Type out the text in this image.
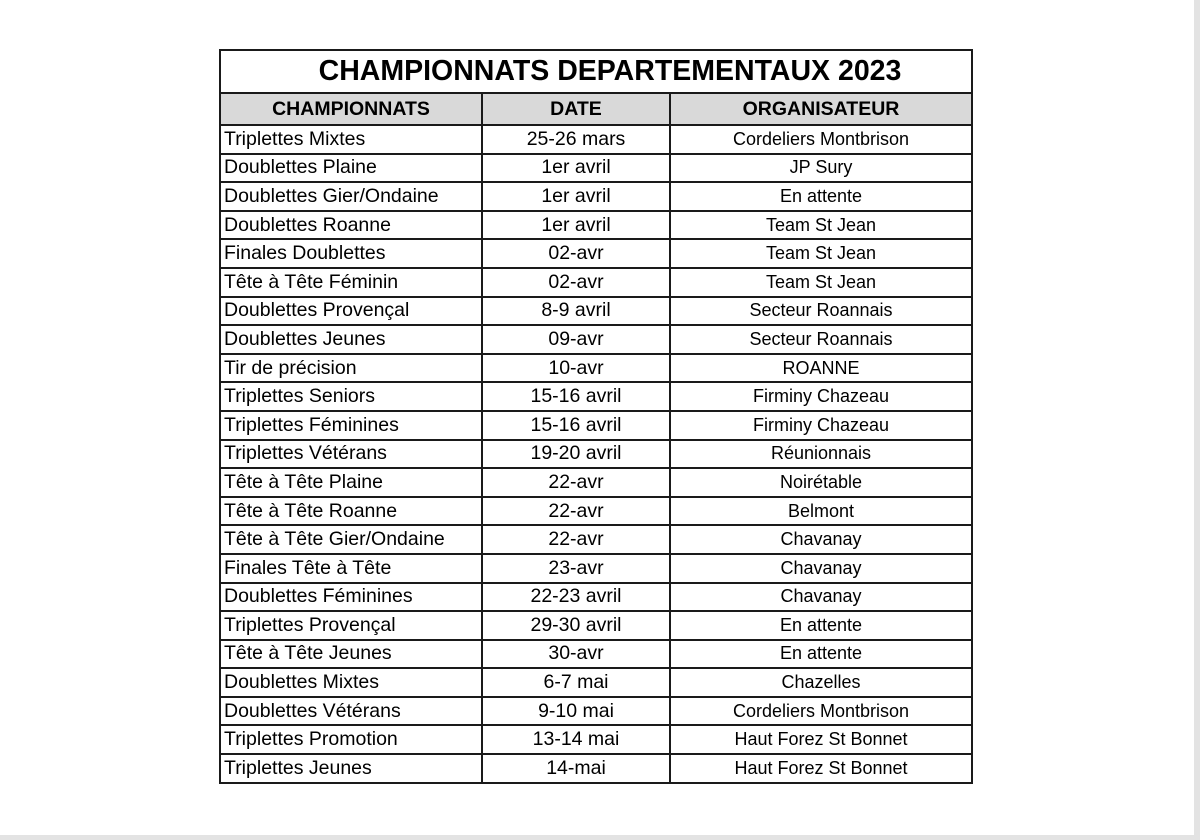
CHAMPIONNATS DEPARTEMENTAUX 2023		
CHAMPIONNATS	DATE	ORGANISATEUR
Triplettes Mixtes	25-26 mars	Cordeliers Montbrison
Doublettes Plaine	1er avril	JP Sury
Doublettes Gier/Ondaine	1er avril	En attente
Doublettes Roanne	1er avril	Team St Jean
Finales Doublettes	02-avr	Team St Jean
Tête à Tête Féminin	02-avr	Team St Jean
Doublettes Provençal	8-9 avril	Secteur Roannais
Doublettes Jeunes	09-avr	Secteur Roannais
Tir de précision	10-avr	ROANNE
Triplettes Seniors	15-16 avril	Firminy Chazeau
Triplettes Féminines	15-16 avril	Firminy Chazeau
Triplettes Vétérans	19-20 avril	Réunionnais
Tête à Tête Plaine	22-avr	Noirétable
Tête à Tête Roanne	22-avr	Belmont
Tête à Tête Gier/Ondaine	22-avr	Chavanay
Finales Tête à Tête	23-avr	Chavanay
Doublettes Féminines	22-23 avril	Chavanay
Triplettes Provençal	29-30 avril	En attente
Tête à Tête Jeunes	30-avr	En attente
Doublettes Mixtes	6-7 mai	Chazelles
Doublettes Vétérans	9-10 mai	Cordeliers Montbrison
Triplettes Promotion	13-14 mai	Haut Forez St Bonnet
Triplettes Jeunes	14-mai	Haut Forez St Bonnet
